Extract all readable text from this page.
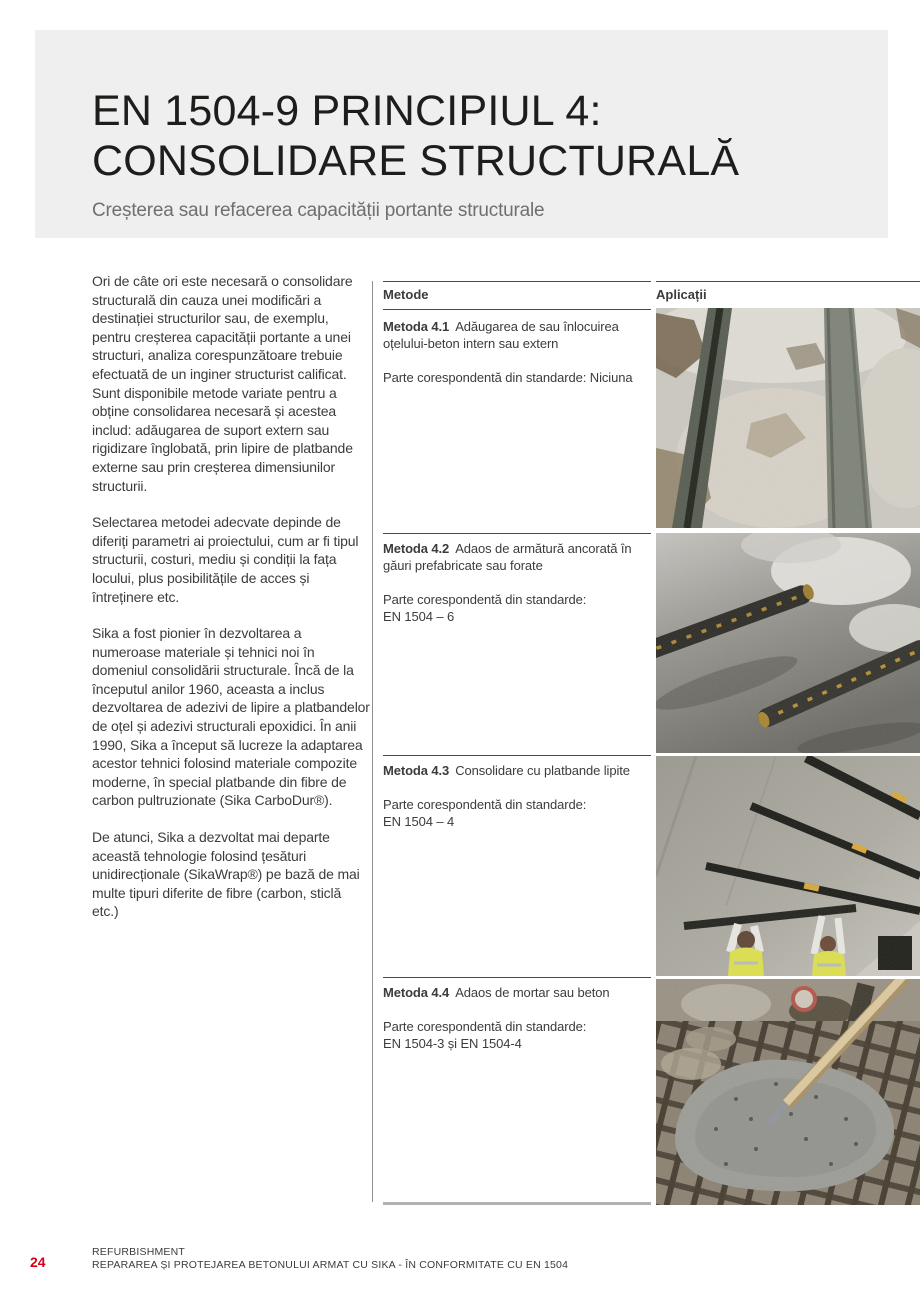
EN 1504-9 PRINCIPIUL 4:
CONSOLIDARE STRUCTURALĂ

Creșterea sau refacerea capacității portante structurale

Ori de câte ori este necesară o consolidare structurală din cauza unei modificări a destinației structurilor sau, de exemplu, pentru creșterea capacității portante a unei structuri, analiza corespunzătoare trebuie efectuată de un inginer structurist calificat. Sunt disponibile metode variate pentru a obține consolidarea necesară și acestea includ: adăugarea de suport extern sau rigidizare înglobată, prin lipire de platbande externe sau prin creșterea dimensiunilor structurii.

Selectarea metodei adecvate depinde de diferiți parametri ai proiectului, cum ar fi tipul structurii, costuri, mediu și condiții la fața locului, plus posibilitățile de acces și întreținere etc.

Sika a fost pionier în dezvoltarea a numeroase materiale și tehnici noi în domeniul consolidării structurale. Încă de la începutul anilor 1960, aceasta a inclus dezvoltarea de adezivi de lipire a platbandelor de oțel și adezivi structurali epoxidici. În anii 1990, Sika a început să lucreze la adaptarea acestor tehnici folosind materiale compozite moderne, în special platbande din fibre de carbon pultruzionate (Sika CarboDur®).

De atunci, Sika a dezvoltat mai departe această tehnologie folosind țesături unidirecționale (SikaWrap®) pe bază de mai multe tipuri diferite de fibre (carbon, sticlă etc.)

Metode

Metoda 4.1 Adăugarea de sau înlocuirea oțelului-beton intern sau extern

Parte corespondentă din standarde: Niciuna

Metoda 4.2 Adaos de armătură ancorată în găuri prefabricate sau forate

Parte corespondentă din standarde:
EN 1504 – 6

Metoda 4.3 Consolidare cu platbande lipite

Parte corespondentă din standarde:
EN 1504 – 4

Metoda 4.4 Adaos de mortar sau beton

Parte corespondentă din standarde:
EN 1504-3 și EN 1504-4
Aplicații
24
REFURBISHMENT
REPARAREA ȘI PROTEJAREA BETONULUI ARMAT CU SIKA - ÎN CONFORMITATE CU EN 1504
